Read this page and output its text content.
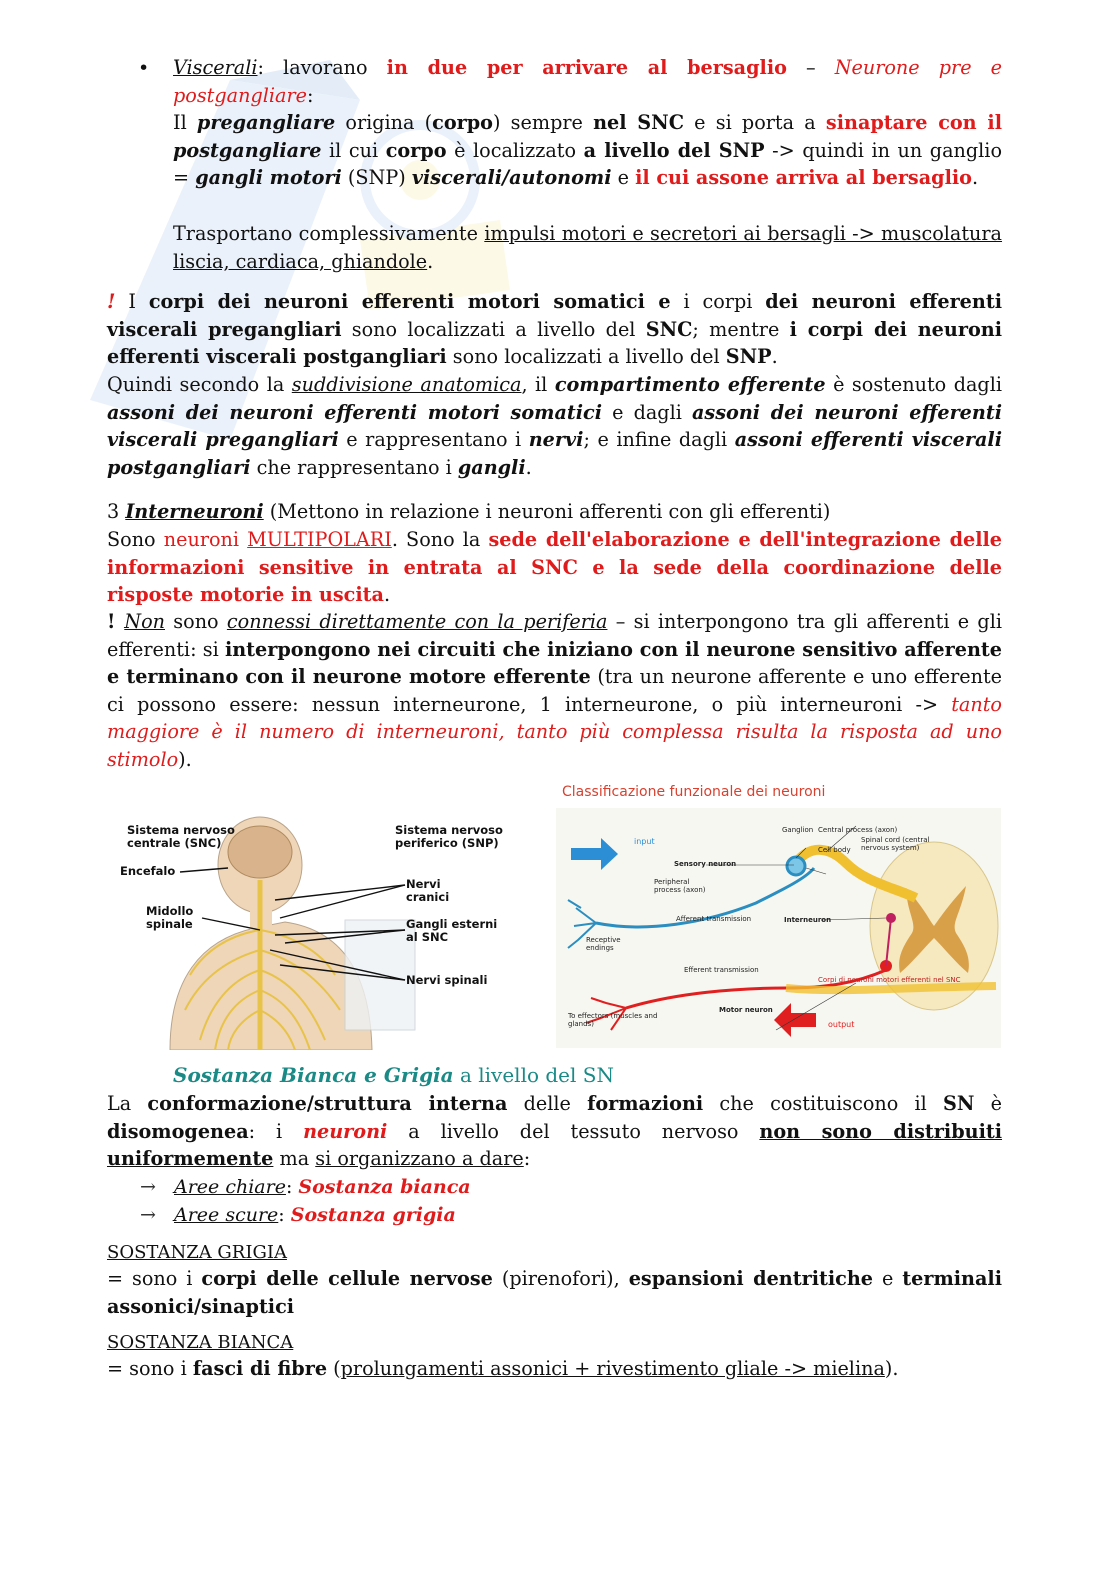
• Viscerali: lavorano in due per arrivare al bersaglio – Neurone pre e postgangliare:
Il pregangliare origina (corpo) sempre nel SNC e si porta a sinaptare con il postgangliare il cui corpo è localizzato a livello del SNP -> quindi in un ganglio = gangli motori (SNP) viscerali/autonomi e il cui assone arriva al bersaglio.
Trasportano complessivamente impulsi motori e secretori ai bersagli -> muscolatura liscia, cardiaca, ghiandole.
! I corpi dei neuroni efferenti motori somatici e i corpi dei neuroni efferenti viscerali pregangliari sono localizzati a livello del SNC; mentre i corpi dei neuroni efferenti viscerali postgangliari sono localizzati a livello del SNP.
Quindi secondo la suddivisione anatomica, il compartimento efferente è sostenuto dagli assoni dei neuroni efferenti motori somatici e dagli assoni dei neuroni efferenti viscerali pregangliari e rappresentano i nervi; e infine dagli assoni efferenti viscerali postgangliari che rappresentano i gangli.
3 Interneuroni (Mettono in relazione i neuroni afferenti con gli efferenti)
Sono neuroni MULTIPOLARI. Sono la sede dell'elaborazione e dell'integrazione delle informazioni sensitive in entrata al SNC e la sede della coordinazione delle risposte motorie in uscita.
! Non sono connessi direttamente con la periferia – si interpongono tra gli afferenti e gli efferenti: si interpongono nei circuiti che iniziano con il neurone sensitivo afferente e terminano con il neurone motore efferente (tra un neurone afferente e uno efferente ci possono essere: nessun interneurone, 1 interneurone, o più interneuroni -> tanto maggiore è il numero di interneuroni, tanto più complessa risulta la risposta ad uno stimolo).
Sistema nervoso centrale (SNC)
Sistema nervoso periferico (SNP)
Encefalo
Midollo spinale
Nervi cranici
Gangli esterni al SNC
Nervi spinali
Classificazione funzionale dei neuroni
input
output
Ganglion Central process (axon)
Cell body
Spinal cord (central nervous system)
Sensory neuron
Peripheral process (axon)
Afferent transmission	Interneuron
Receptive endings
Efferent transmission
Motor neuron
To effectors (muscles and glands)
Corpi di neuroni motori efferenti nel SNC
Sostanza Bianca e Grigia a livello del SN
La conformazione/struttura interna delle formazioni che costituiscono il SN è disomogenea: i neuroni a livello del tessuto nervoso non sono distribuiti uniformemente ma si organizzano a dare:
→ Aree chiare: Sostanza bianca
→ Aree scure: Sostanza grigia
SOSTANZA GRIGIA
= sono i corpi delle cellule nervose (pirenofori), espansioni dentritiche e terminali assonici/sinaptici
SOSTANZA BIANCA
= sono i fasci di fibre (prolungamenti assonici + rivestimento gliale -> mielina).
